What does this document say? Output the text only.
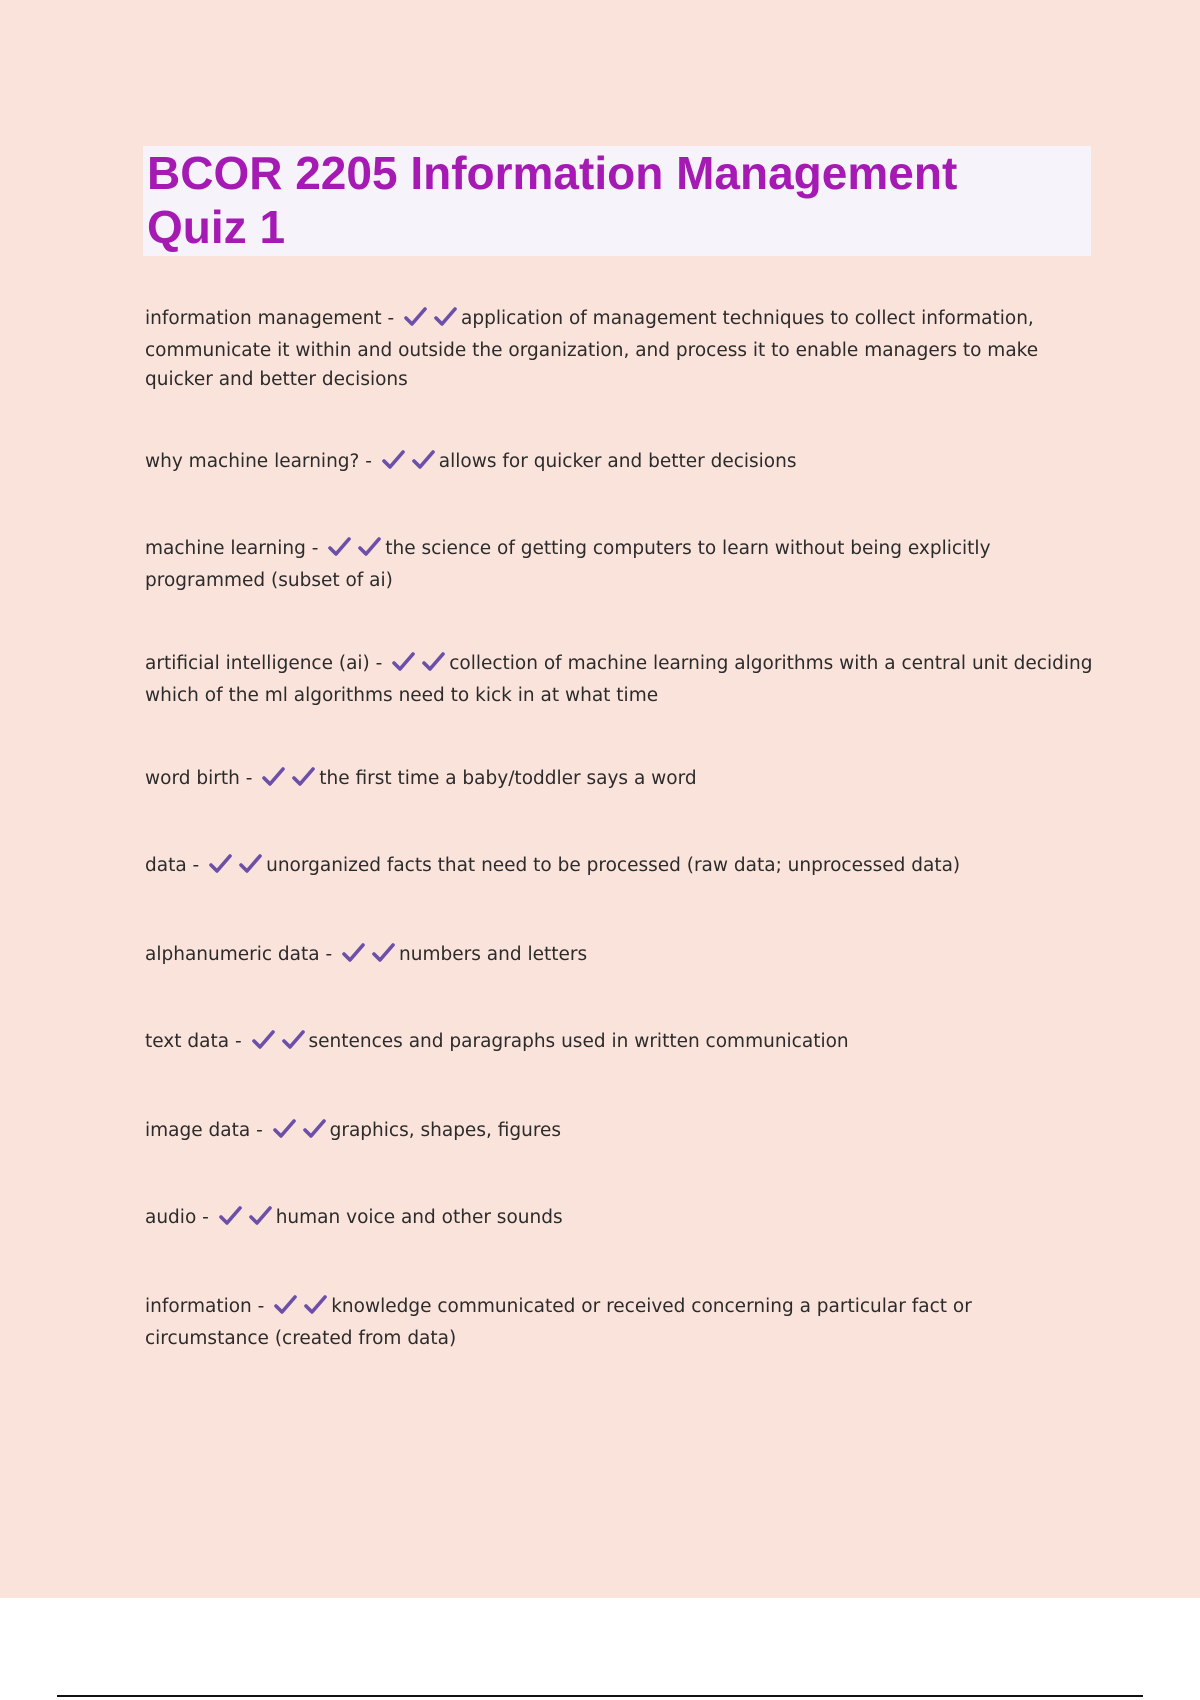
BCOR 2205 Information Management
Quiz 1

information management -	application of management techniques to collect information, communicate it within and outside the organization, and process it to enable managers to make quicker and better decisions

why machine learning? -	allows for quicker and better decisions

machine learning -	the science of getting computers to learn without being explicitly programmed (subset of ai)

artificial intelligence (ai) -	collection of machine learning algorithms with a central unit deciding which of the ml algorithms need to kick in at what time

word birth -	the first time a baby/toddler says a word

data -	unorganized facts that need to be processed (raw data; unprocessed data)

alphanumeric data -	numbers and letters

text data -	sentences and paragraphs used in written communication

image data -	graphics, shapes, figures

audio -	human voice and other sounds

information -	knowledge communicated or received concerning a particular fact or circumstance (created from data)
